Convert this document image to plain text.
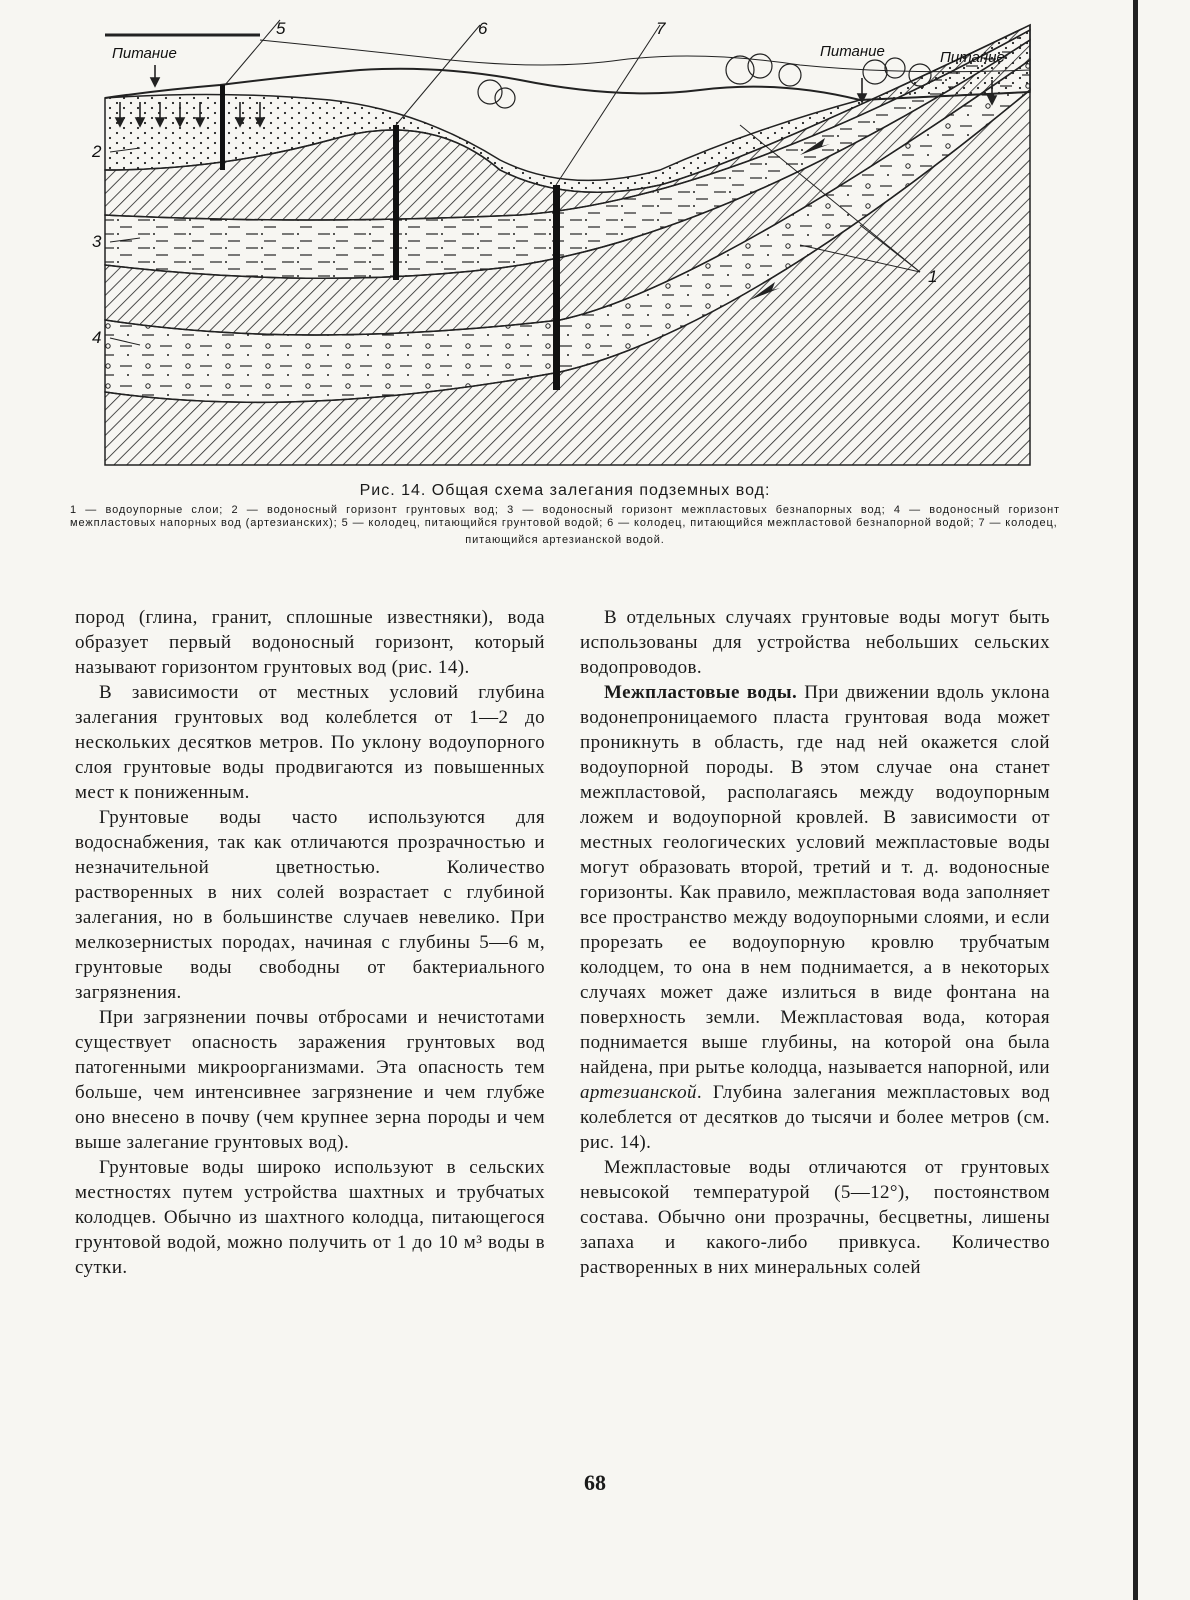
5	6	7
2
3
4
1
Питание	Питание	Питание
Рис. 14. Общая схема залегания подземных вод:
1 — водоупорные слои; 2 — водоносный горизонт грунтовых вод; 3 — водоносный горизонт межпластовых безнапорных вод; 4 — водоносный горизонт межпластовых напорных вод (артезианских); 5 — колодец, питающийся грунтовой водой; 6 — колодец, питающийся межпластовой безнапорной водой; 7 — колодец,
питающийся артезианской водой.

пород (глина, гранит, сплошные известняки), вода образует первый водоносный горизонт, который называют горизонтом грунтовых вод (рис. 14).

В зависимости от местных условий глубина залегания грунтовых вод колеблется от 1—2 до нескольких десятков метров. По уклону водоупорного слоя грунтовые воды продвигаются из повышенных мест к пониженным.

Грунтовые воды часто используются для водоснабжения, так как отличаются прозрачностью и незначительной цветностью. Количество растворенных в них солей возрастает с глубиной залегания, но в большинстве случаев невелико. При мелкозернистых породах, начиная с глубины 5—6 м, грунтовые воды свободны от бактериального загрязнения.

При загрязнении почвы отбросами и нечистотами существует опасность заражения грунтовых вод патогенными микроорганизмами. Эта опасность тем больше, чем интенсивнее загрязнение и чем глубже оно внесено в почву (чем крупнее зерна породы и чем выше залегание грунтовых вод).

Грунтовые воды широко используют в сельских местностях путем устройства шахтных и трубчатых колодцев. Обычно из шахтного колодца, питающегося грунтовой водой, можно получить от 1 до 10 м³ воды в сутки.

В отдельных случаях грунтовые воды могут быть использованы для устройства небольших сельских водопроводов.

Межпластовые воды. При движении вдоль уклона водонепроницаемого пласта грунтовая вода может проникнуть в область, где над ней окажется слой водоупорной породы. В этом случае она станет межпластовой, располагаясь между водоупорным ложем и водоупорной кровлей. В зависимости от местных геологических условий межпластовые воды могут образовать второй, третий и т. д. водоносные горизонты. Как правило, межпластовая вода заполняет все пространство между водоупорными слоями, и если прорезать ее водоупорную кровлю трубчатым колодцем, то она в нем поднимается, а в некоторых случаях может даже излиться в виде фонтана на поверхность земли. Межпластовая вода, которая поднимается выше глубины, на которой она была найдена, при рытье колодца, называется напорной, или артезианской. Глубина залегания межпластовых вод колеблется от десятков до тысячи и более метров (см. рис. 14).

Межпластовые воды отличаются от грунтовых невысокой температурой (5—12°), постоянством состава. Обычно они прозрачны, бесцветны, лишены запаха и какого-либо привкуса. Количество растворенных в них минеральных солей

68
